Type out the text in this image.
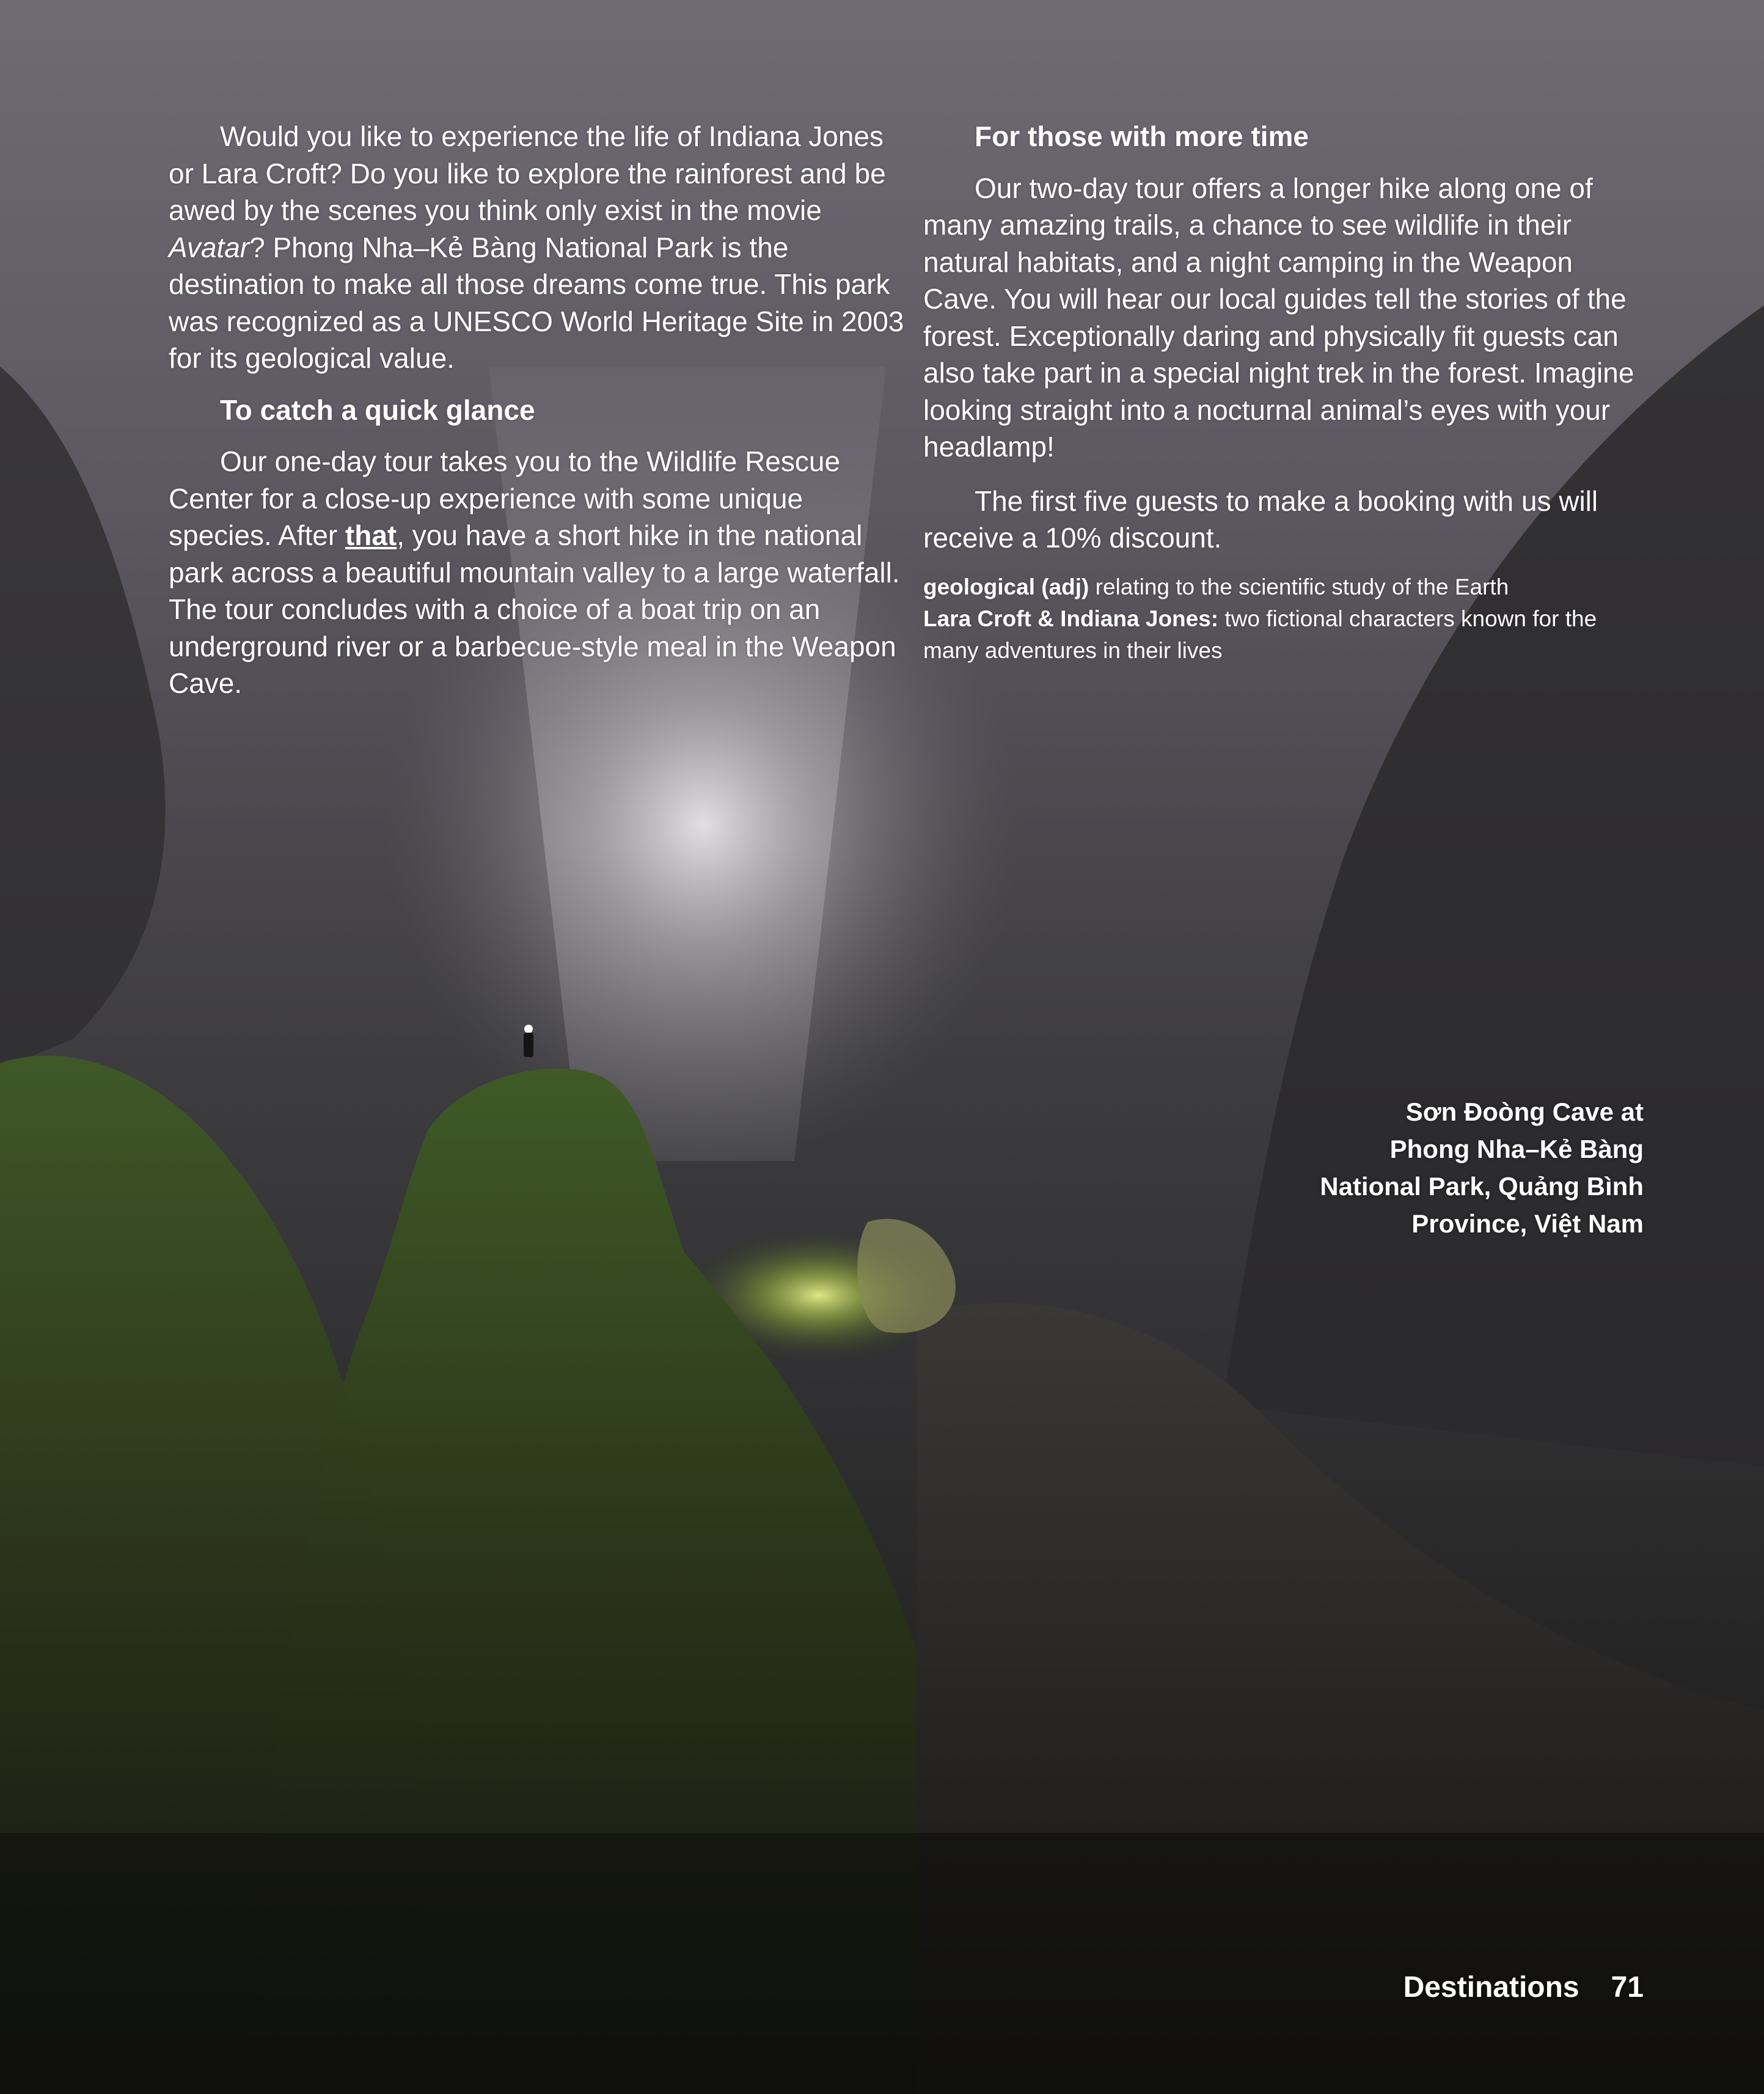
Would you like to experience the life of Indiana Jones or Lara Croft? Do you like to explore the rainforest and be awed by the scenes you think only exist in the movie Avatar? Phong Nha–Kẻ Bàng National Park is the destination to make all those dreams come true. This park was recognized as a UNESCO World Heritage Site in 2003 for its geological value.

To catch a quick glance

Our one-day tour takes you to the Wildlife Rescue Center for a close-up experience with some unique species. After that, you have a short hike in the national park across a beautiful mountain valley to a large waterfall. The tour concludes with a choice of a boat trip on an underground river or a barbecue-style meal in the Weapon Cave.

For those with more time

Our two-day tour offers a longer hike along one of many amazing trails, a chance to see wildlife in their natural habitats, and a night camping in the Weapon Cave. You will hear our local guides tell the stories of the forest. Exceptionally daring and physically fit guests can also take part in a special night trek in the forest. Imagine looking straight into a nocturnal animal’s eyes with your headlamp!

The first five guests to make a booking with us will receive a 10% discount.

geological (adj) relating to the scientific study of the Earth

Lara Croft & Indiana Jones: two fictional characters known for the many adventures in their lives

Sơn Đoòng Cave at
Phong Nha–Kẻ Bàng
National Park, Quảng Bình
Province, Việt Nam
Destinations 71
